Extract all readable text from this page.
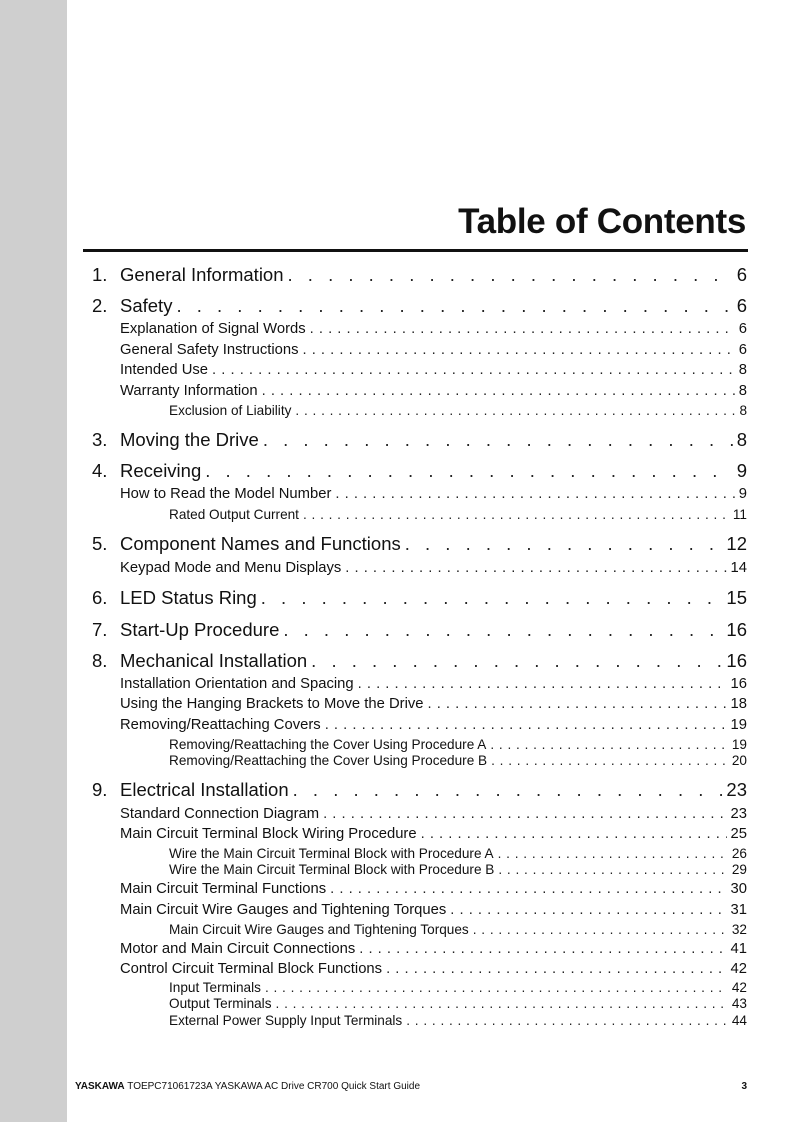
Table of Contents
1. General Information . . .	6
2. Safety . . .	6
Explanation of Signal Words . . .	6
General Safety Instructions . . .	6
Intended Use . . .	8
Warranty Information . . .	8
Exclusion of Liability . . .	8
3. Moving the Drive . . .	8
4. Receiving . . .	9
How to Read the Model Number . . .	9
Rated Output Current . . .	11
5. Component Names and Functions . . .	12
Keypad Mode and Menu Displays . . .	14
6. LED Status Ring . . .	15
7. Start-Up Procedure . . .	16
8. Mechanical Installation . . .	16
Installation Orientation and Spacing . . .	16
Using the Hanging Brackets to Move the Drive . . .	18
Removing/Reattaching Covers . . .	19
Removing/Reattaching the Cover Using Procedure A . . .	19
Removing/Reattaching the Cover Using Procedure B . . .	20
9. Electrical Installation . . .	23
Standard Connection Diagram . . .	23
Main Circuit Terminal Block Wiring Procedure . . .	25
Wire the Main Circuit Terminal Block with Procedure A . . .	26
Wire the Main Circuit Terminal Block with Procedure B . . .	29
Main Circuit Terminal Functions . . .	30
Main Circuit Wire Gauges and Tightening Torques . . .	31
Main Circuit Wire Gauges and Tightening Torques . . .	32
Motor and Main Circuit Connections . . .	41
Control Circuit Terminal Block Functions . . .	42
Input Terminals . . .	42
Output Terminals . . .	43
External Power Supply Input Terminals . . .	44
YASKAWA TOEPC71061723A YASKAWA AC Drive CR700 Quick Start Guide	3
